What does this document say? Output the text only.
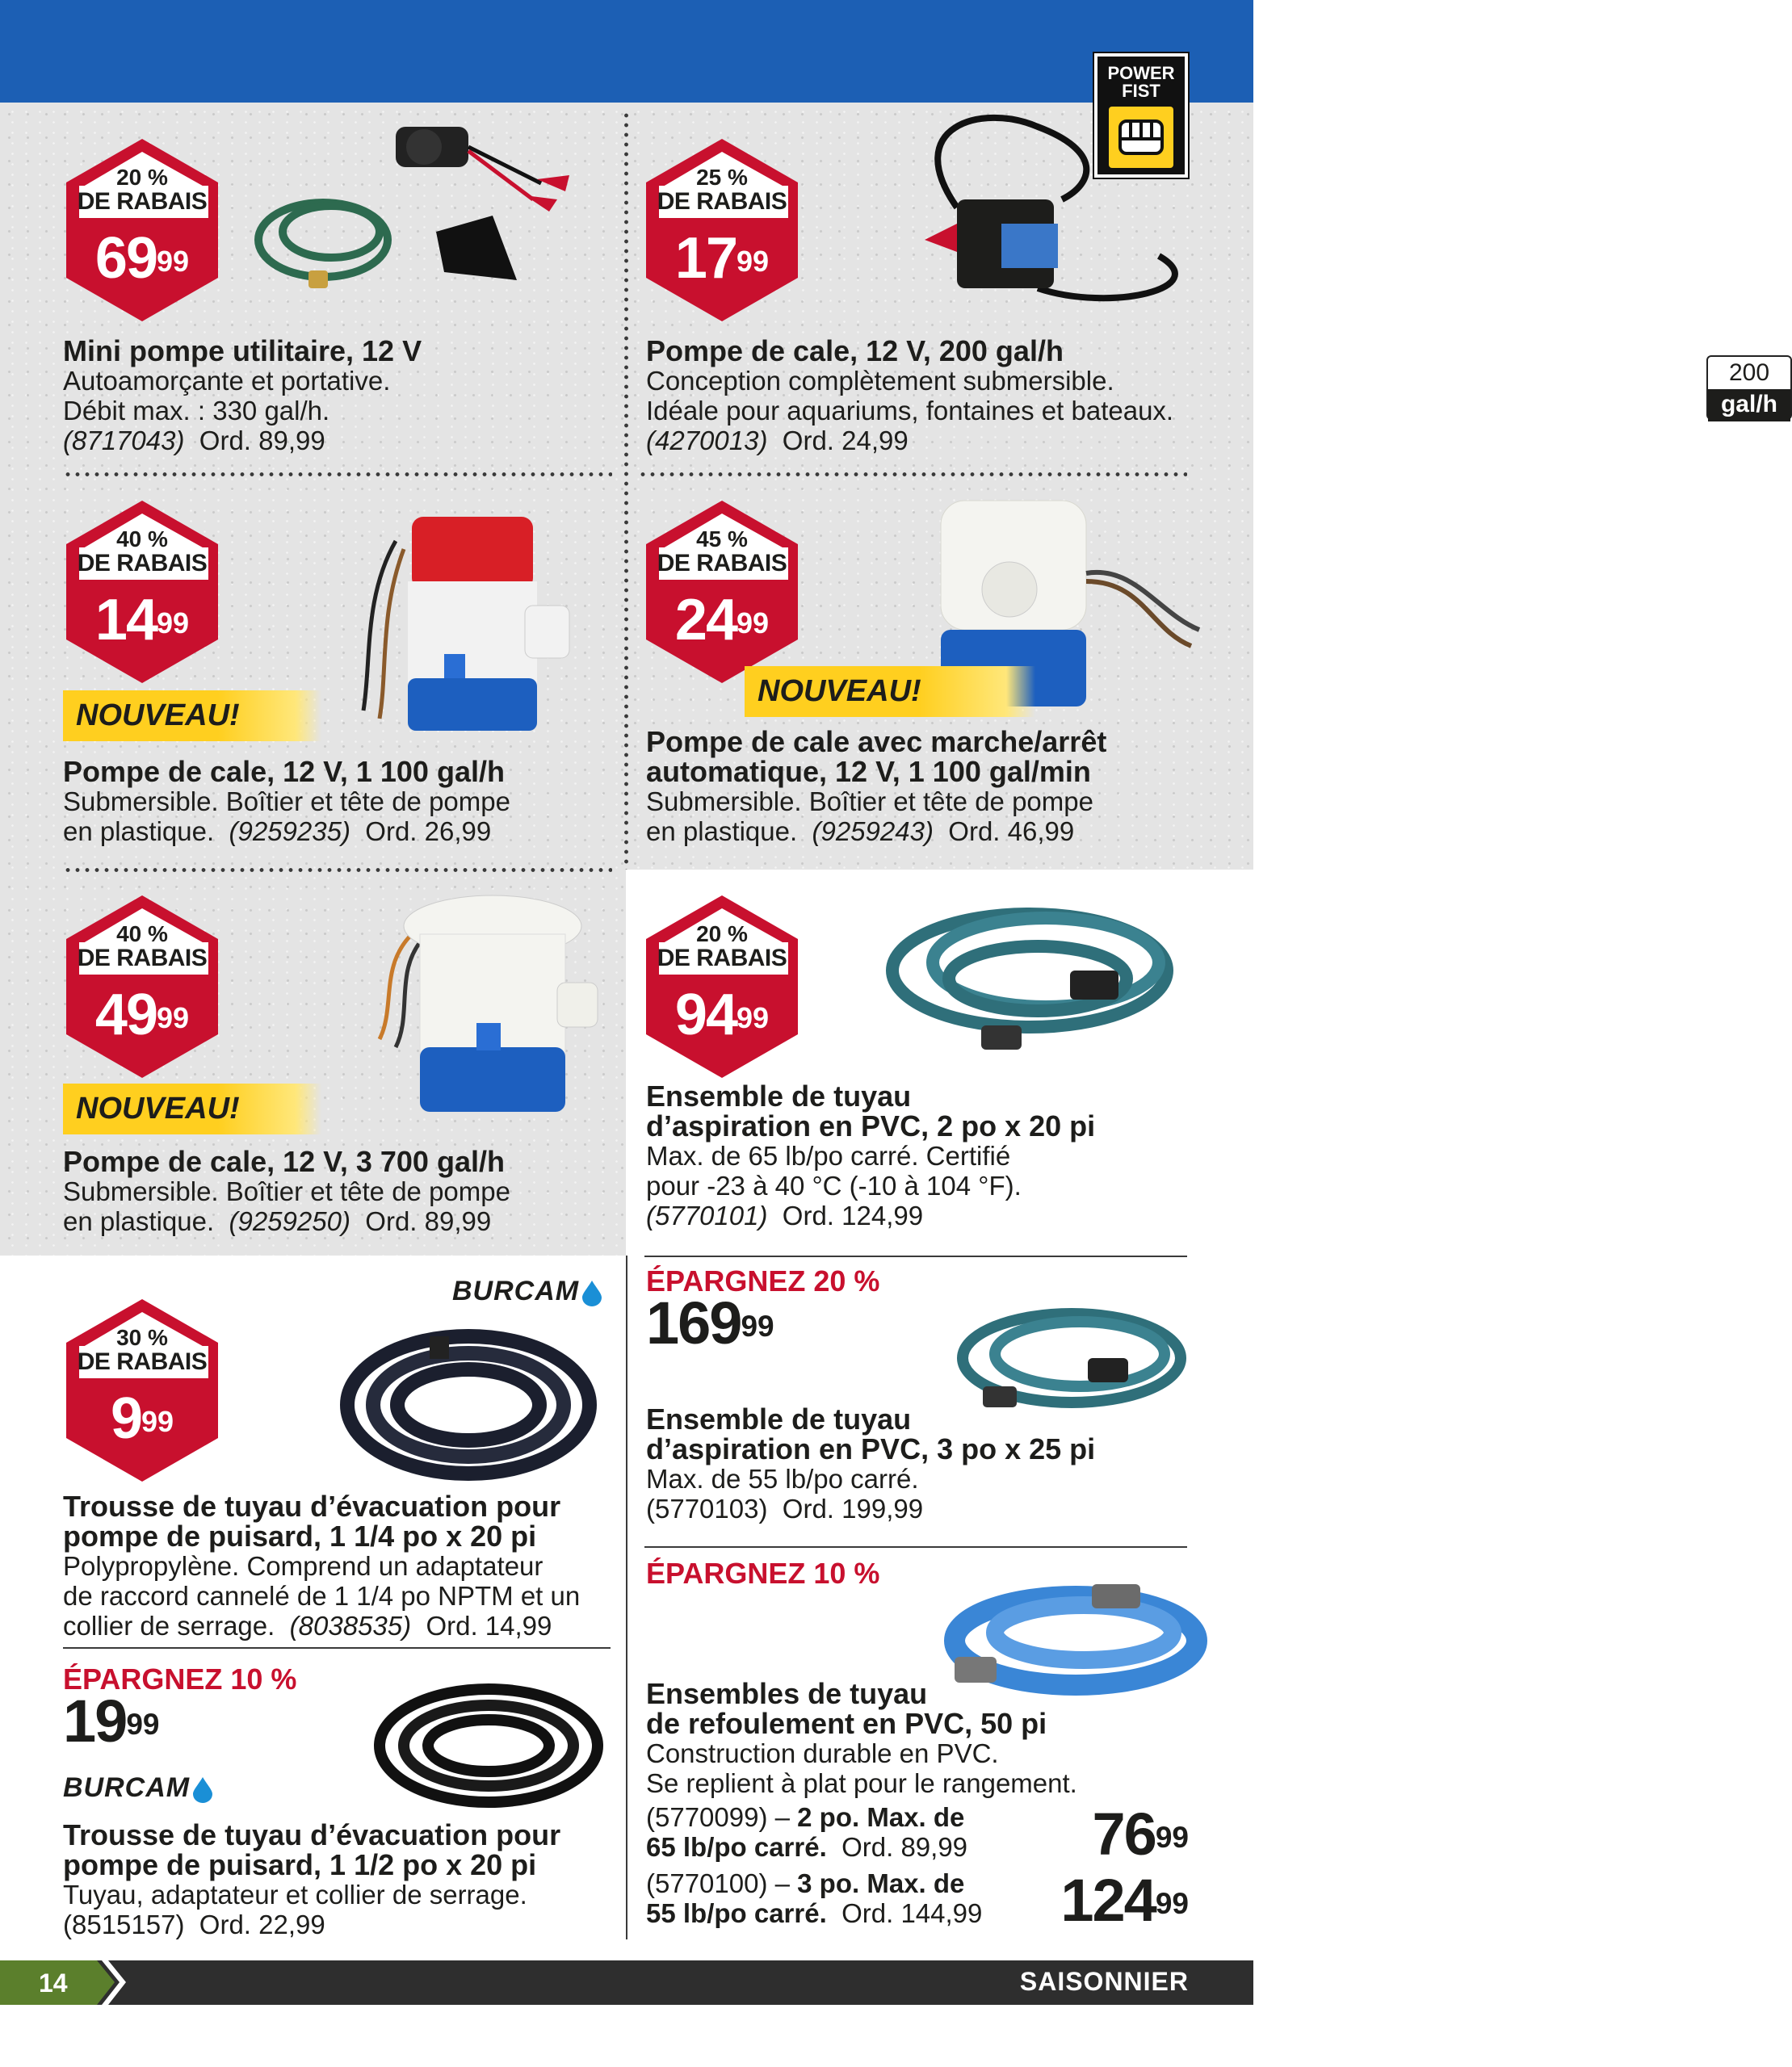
POWER
FIST
20 %
DE RABAIS
$69^{99}$
Mini pompe utilitaire, 12 V
Autoamorçante et portative.
Débit max. : 330 gal/h.
(8717043) Ord. 89,99
25 %
DE RABAIS
$17^{99}$
200
gal/h
Pompe de cale, 12 V, 200 gal/h
Conception complètement submersible.
Idéale pour aquariums, fontaines et bateaux.
(4270013) Ord. 24,99
40 %
DE RABAIS
$14^{99}$
NOUVEAU!
Pompe de cale, 12 V, 1 100 gal/h
Submersible. Boîtier et tête de pompe
en plastique. (9259235) Ord. 26,99
45 %
DE RABAIS
$24^{99}$
NOUVEAU!
Pompe de cale avec marche/arrêt
automatique, 12 V, 1 100 gal/min
Submersible. Boîtier et tête de pompe
en plastique. (9259243) Ord. 46,99
40 %
DE RABAIS
$49^{99}$
NOUVEAU!
Pompe de cale, 12 V, 3 700 gal/h
Submersible. Boîtier et tête de pompe
en plastique. (9259250) Ord. 89,99
20 %
DE RABAIS
$94^{99}$
Ensemble de tuyau
d’aspiration en PVC, 2 po x 20 pi
Max. de 65 lb/po carré. Certifié
pour -23 à 40 °C (-10 à 104 °F).
(5770101) Ord. 124,99
30 %
DE RABAIS
$9^{99}$
BURCAM
Trousse de tuyau d’évacuation pour
pompe de puisard, 1 1/4 po x 20 pi
Polypropylène. Comprend un adaptateur
de raccord cannelé de 1 1/4 po NPTM et un
collier de serrage. (8038535) Ord. 14,99
ÉPARGNEZ 10 %
$19^{99}$
BURCAM
Trousse de tuyau d’évacuation pour
pompe de puisard, 1 1/2 po x 20 pi
Tuyau, adaptateur et collier de serrage.
(8515157) Ord. 22,99
ÉPARGNEZ 20 %
$169^{99}$
Ensemble de tuyau
d’aspiration en PVC, 3 po x 25 pi
Max. de 55 lb/po carré.
(5770103) Ord. 199,99
ÉPARGNEZ 10 %
Ensembles de tuyau
de refoulement en PVC, 50 pi
Construction durable en PVC.
Se replient à plat pour le rangement.
(5770099) – 2 po. Max. de
65 lb/po carré. Ord. 89,99 $76^{99}$
(5770100) – 3 po. Max. de
55 lb/po carré. Ord. 144,99 $124^{99}$
14	SAISONNIER
